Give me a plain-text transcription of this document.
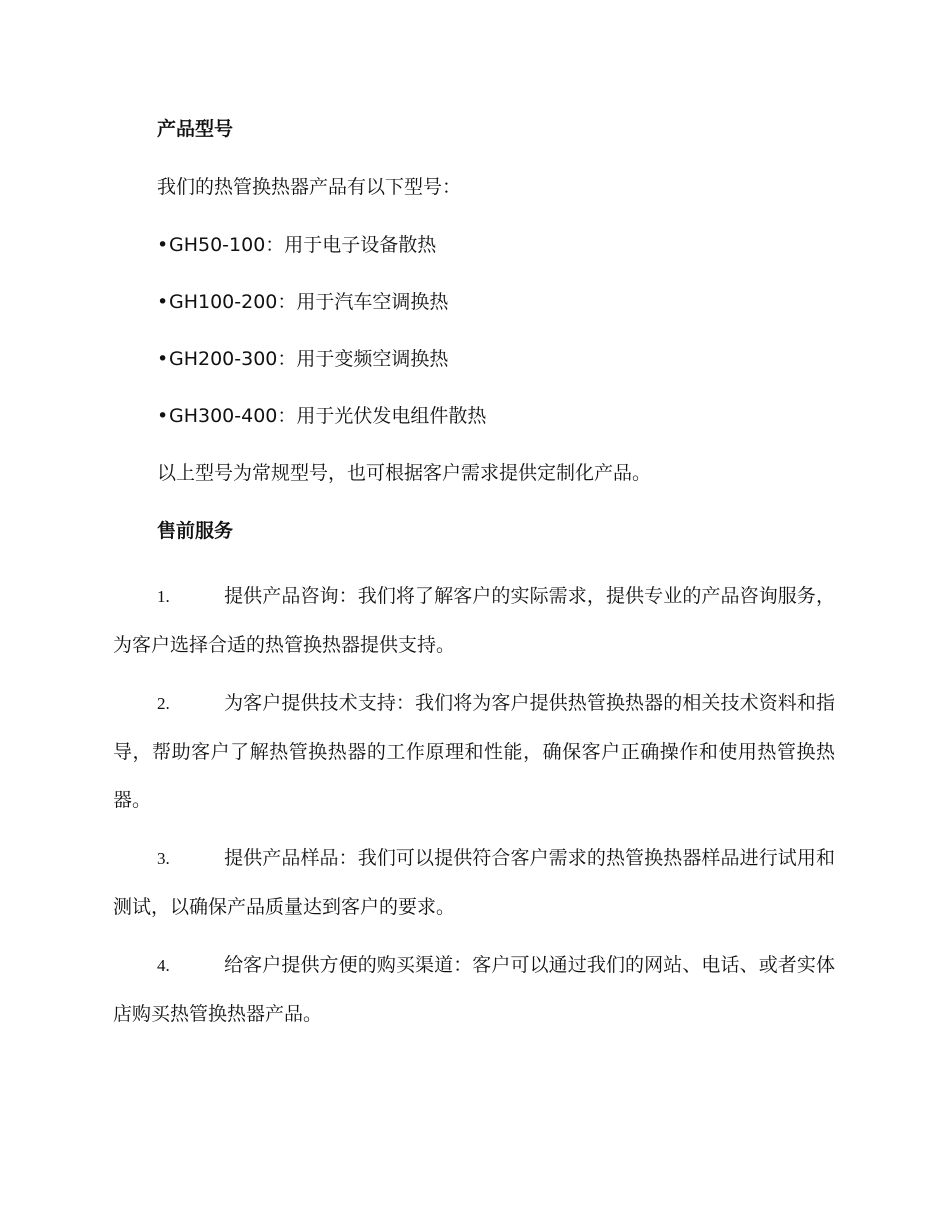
产品型号

我们的热管换热器产品有以下型号：

•GH50-100：用于电子设备散热

•GH100-200：用于汽车空调换热

•GH200-300：用于变频空调换热

•GH300-400：用于光伏发电组件散热

以上型号为常规型号，也可根据客户需求提供定制化产品。

售前服务

1.	提供产品咨询：我们将了解客户的实际需求，提供专业的产品咨询服务，为客户选择合适的热管换热器提供支持。

2.	为客户提供技术支持：我们将为客户提供热管换热器的相关技术资料和指导，帮助客户了解热管换热器的工作原理和性能，确保客户正确操作和使用热管换热器。

3.	提供产品样品：我们可以提供符合客户需求的热管换热器样品进行试用和测试，以确保产品质量达到客户的要求。

4.	给客户提供方便的购买渠道：客户可以通过我们的网站、电话、或者实体店购买热管换热器产品。
